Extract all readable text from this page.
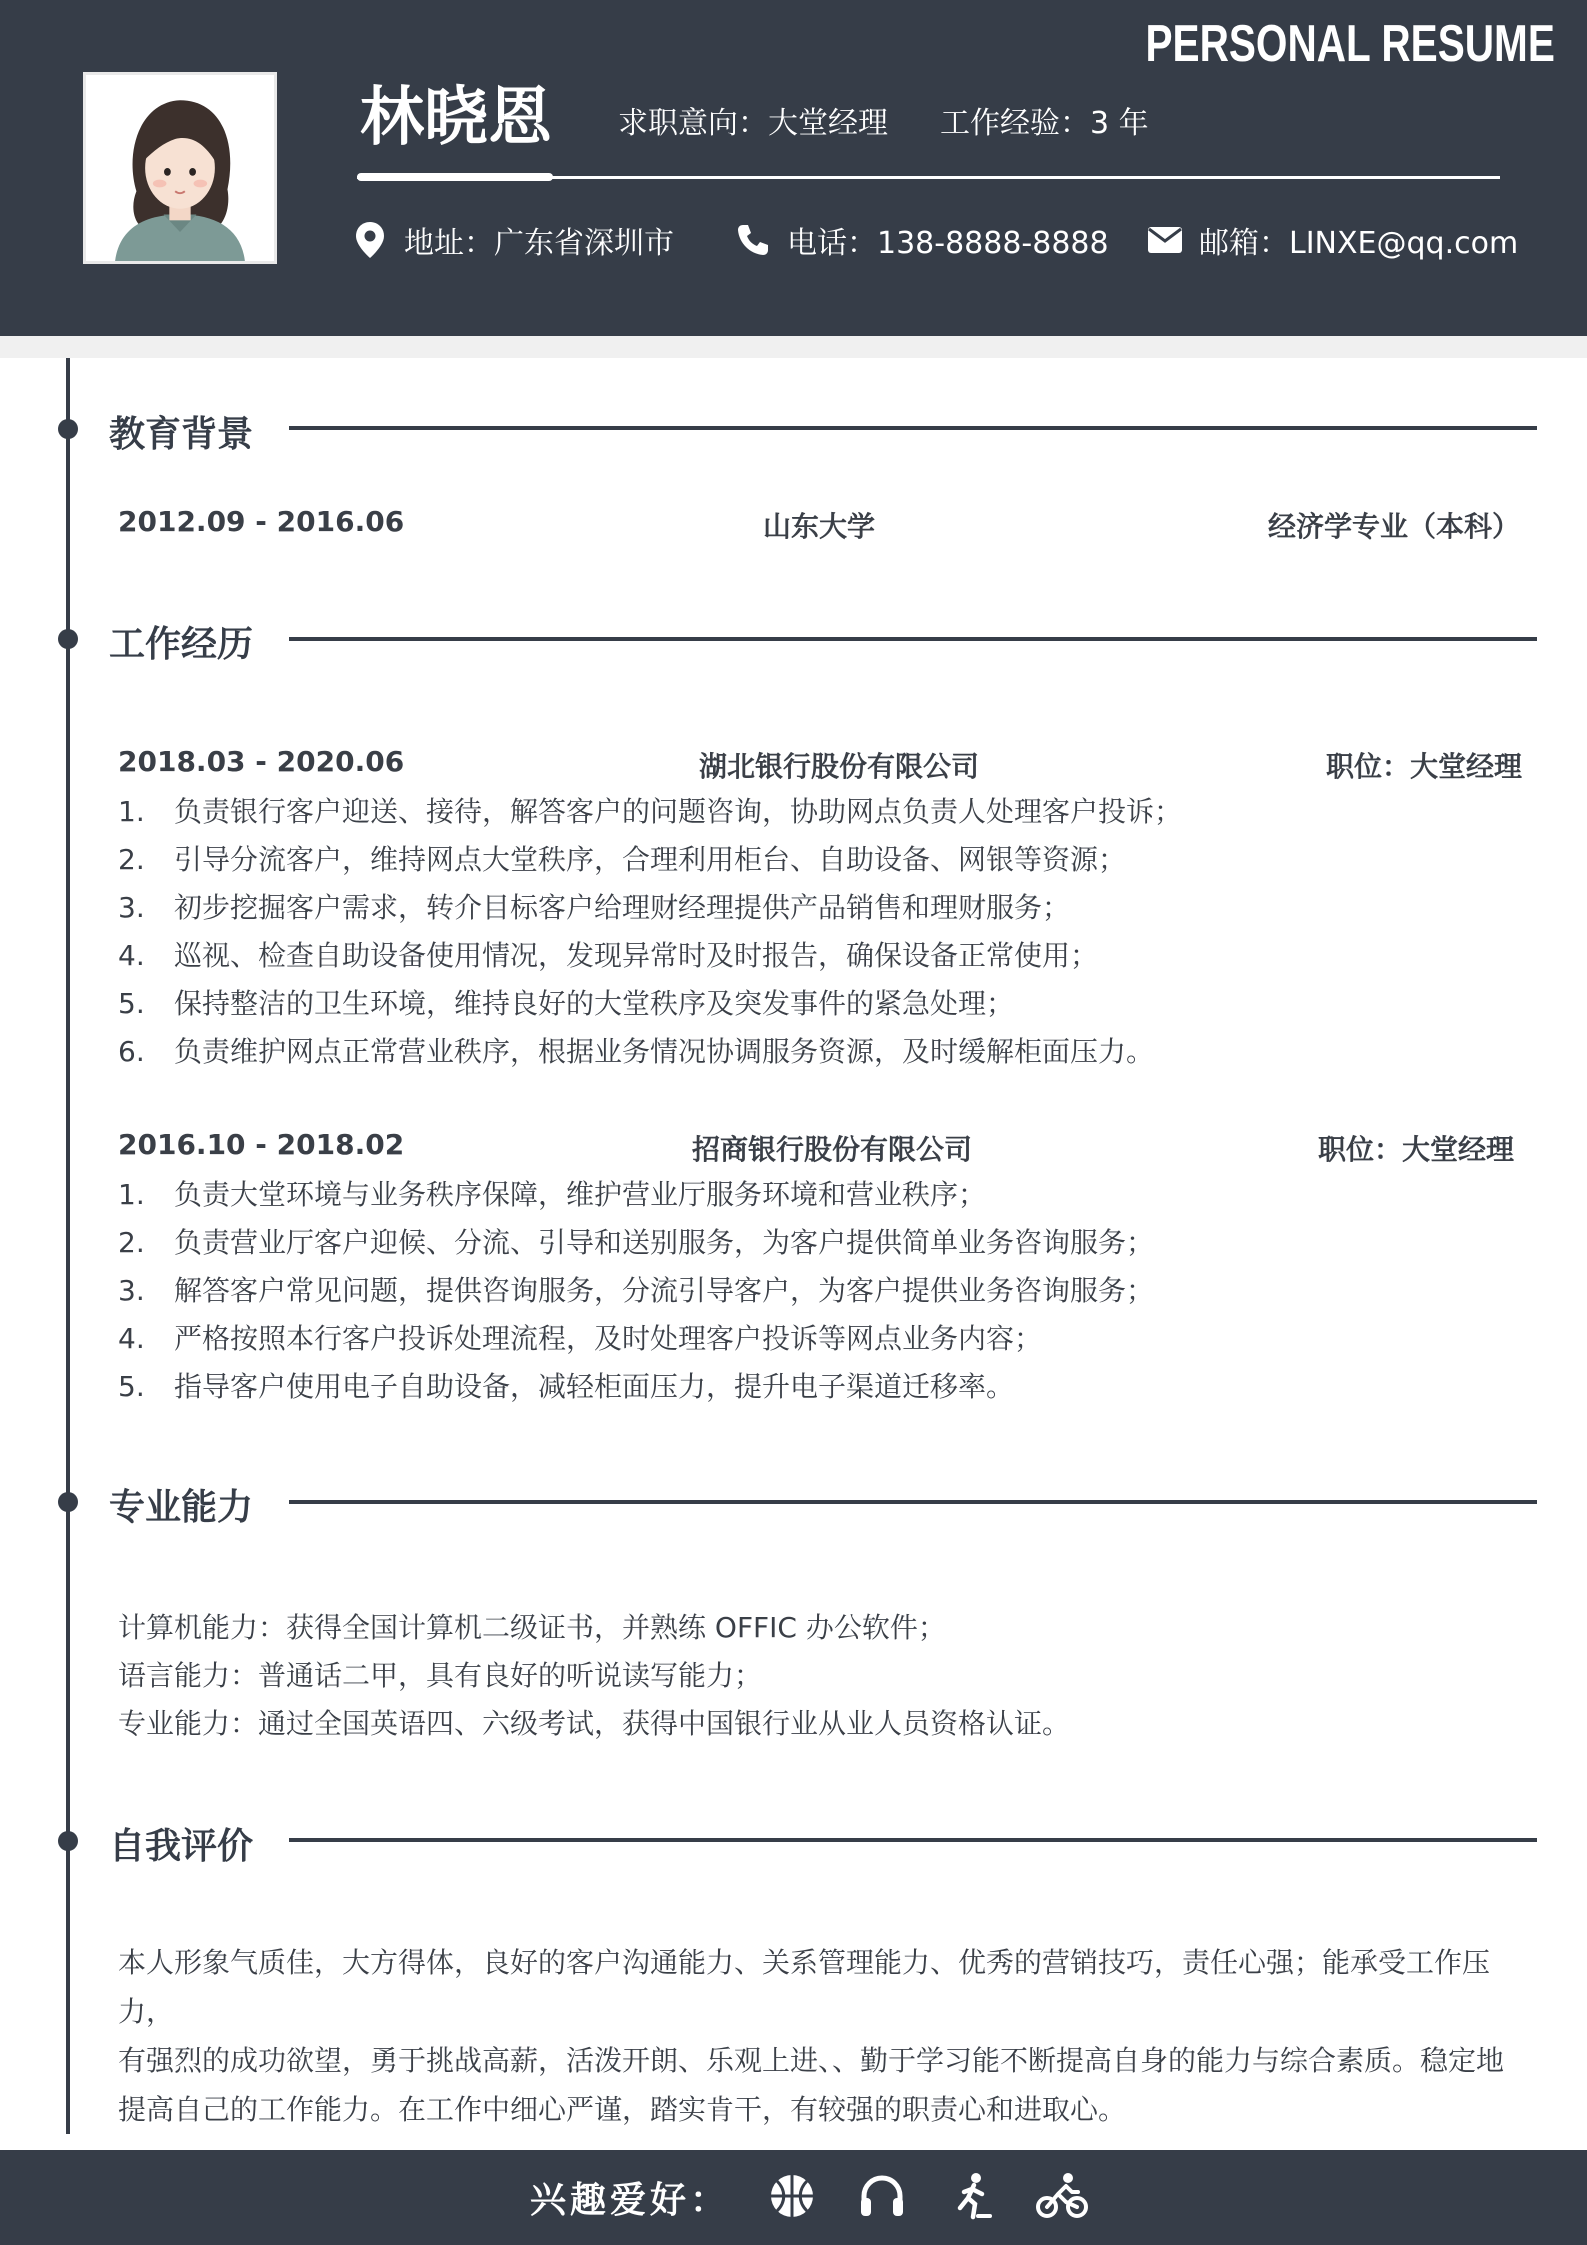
PERSONAL RESUME
林晓恩 求职意向：大堂经理 工作经验：3 年
地址：广东省深圳市	电话：138-8888-8888	邮箱：LINXE@qq.com
教育背景
2012.09 - 2016.06	山东大学	经济学专业（本科）
工作经历
2018.03 - 2020.06	湖北银行股份有限公司	职位：大堂经理
1.	负责银行客户迎送、接待，解答客户的问题咨询，协助网点负责人处理客户投诉；
2.	引导分流客户，维持网点大堂秩序，合理利用柜台、自助设备、网银等资源；
3.	初步挖掘客户需求，转介目标客户给理财经理提供产品销售和理财服务；
4.	巡视、检查自助设备使用情况，发现异常时及时报告，确保设备正常使用；
5.	保持整洁的卫生环境，维持良好的大堂秩序及突发事件的紧急处理；
6.	负责维护网点正常营业秩序，根据业务情况协调服务资源，及时缓解柜面压力。
2016.10 - 2018.02	招商银行股份有限公司	职位：大堂经理
1.	负责大堂环境与业务秩序保障，维护营业厅服务环境和营业秩序；
2.	负责营业厅客户迎候、分流、引导和送别服务，为客户提供简单业务咨询服务；
3.	解答客户常见问题，提供咨询服务，分流引导客户，为客户提供业务咨询服务；
4.	严格按照本行客户投诉处理流程，及时处理客户投诉等网点业务内容；
5.	指导客户使用电子自助设备，减轻柜面压力，提升电子渠道迁移率。
专业能力

计算机能力：获得全国计算机二级证书，并熟练 OFFIC 办公软件；

语言能力：普通话二甲，具有良好的听说读写能力；

专业能力：通过全国英语四、六级考试，获得中国银行业从业人员资格认证。

自我评价
本人形象气质佳，大方得体，良好的客户沟通能力、关系管理能力、优秀的营销技巧，责任心强；能承受工作压力，
有强烈的成功欲望，勇于挑战高薪，活泼开朗、乐观上进、、勤于学习能不断提高自身的能力与综合素质。稳定地
提高自己的工作能力。在工作中细心严谨，踏实肯干，有较强的职责心和进取心。
兴趣爱好：
